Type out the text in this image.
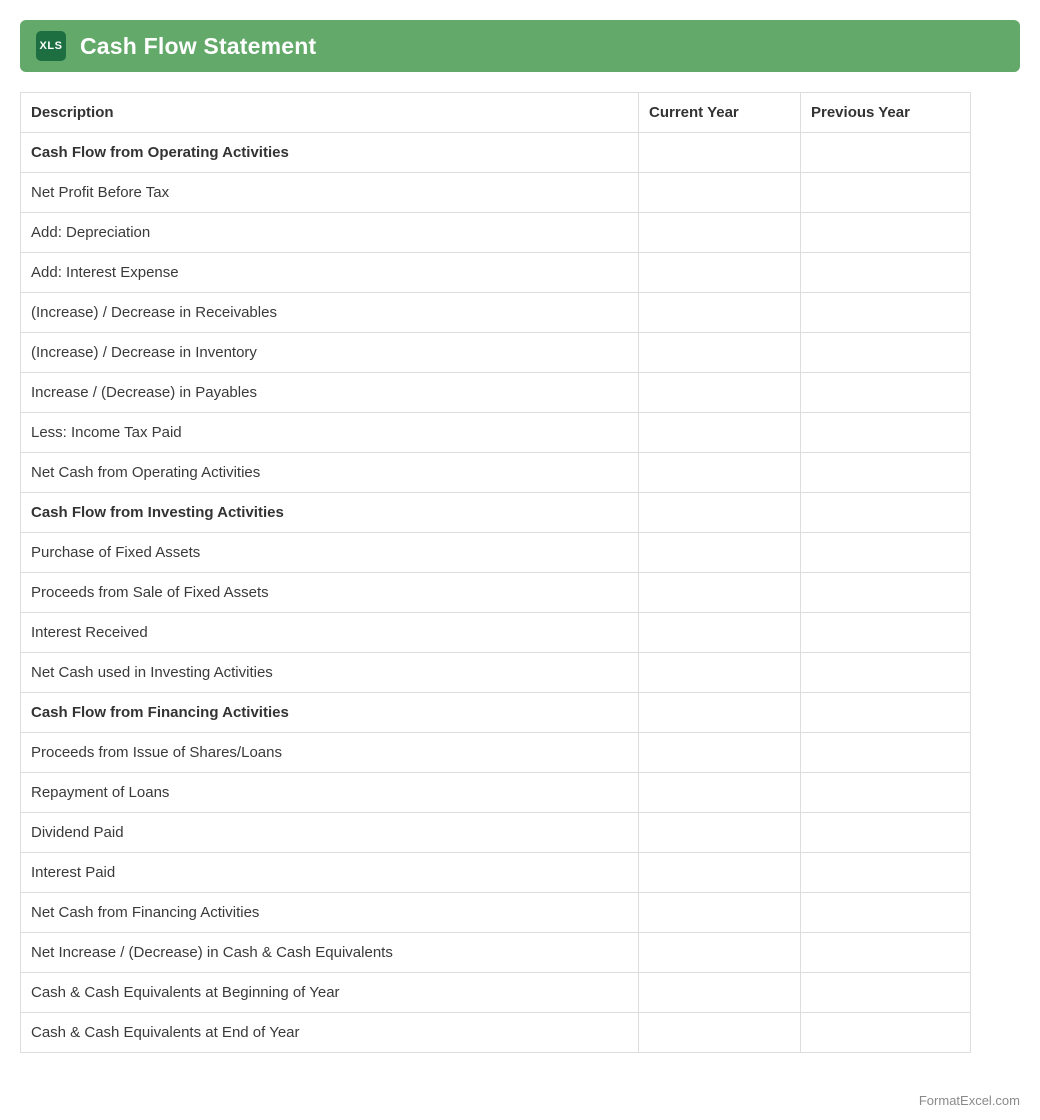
XLS Cash Flow Statement
Description	Current Year	Previous Year
Cash Flow from Operating Activities		
Net Profit Before Tax		
Add: Depreciation		
Add: Interest Expense		
(Increase) / Decrease in Receivables		
(Increase) / Decrease in Inventory		
Increase / (Decrease) in Payables		
Less: Income Tax Paid		
Net Cash from Operating Activities		
Cash Flow from Investing Activities		
Purchase of Fixed Assets		
Proceeds from Sale of Fixed Assets		
Interest Received		
Net Cash used in Investing Activities		
Cash Flow from Financing Activities		
Proceeds from Issue of Shares/Loans		
Repayment of Loans		
Dividend Paid		
Interest Paid		
Net Cash from Financing Activities		
Net Increase / (Decrease) in Cash & Cash Equivalents		
Cash & Cash Equivalents at Beginning of Year		
Cash & Cash Equivalents at End of Year		
FormatExcel.com
